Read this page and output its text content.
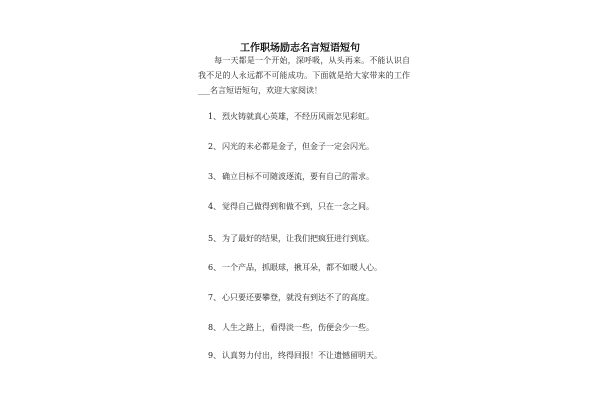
工作职场励志名言短语短句
每一天都是一个开始，深呼吸，从头再来。不能认识自我不足的人永远都不可能成功。下面就是给大家带来的工作 ___名言短语短句，欢迎大家阅读！
1、烈火铸就真心英雄，不经历风雨怎见彩虹。
2、闪光的未必都是金子，但金子一定会闪光。
3、确立目标不可随波逐流，要有自己的需求。
4、觉得自己做得到和做不到，只在一念之间。
5、为了最好的结果，让我们把疯狂进行到底。
6、一个产品，抓眼球，揪耳朵，都不如暖人心。
7、心只要还要攀登，就没有到达不了的高度。
8、人生之路上，看得淡一些，伤便会少一些。
9、认真努力付出，终得回报！不让遗憾留明天。
